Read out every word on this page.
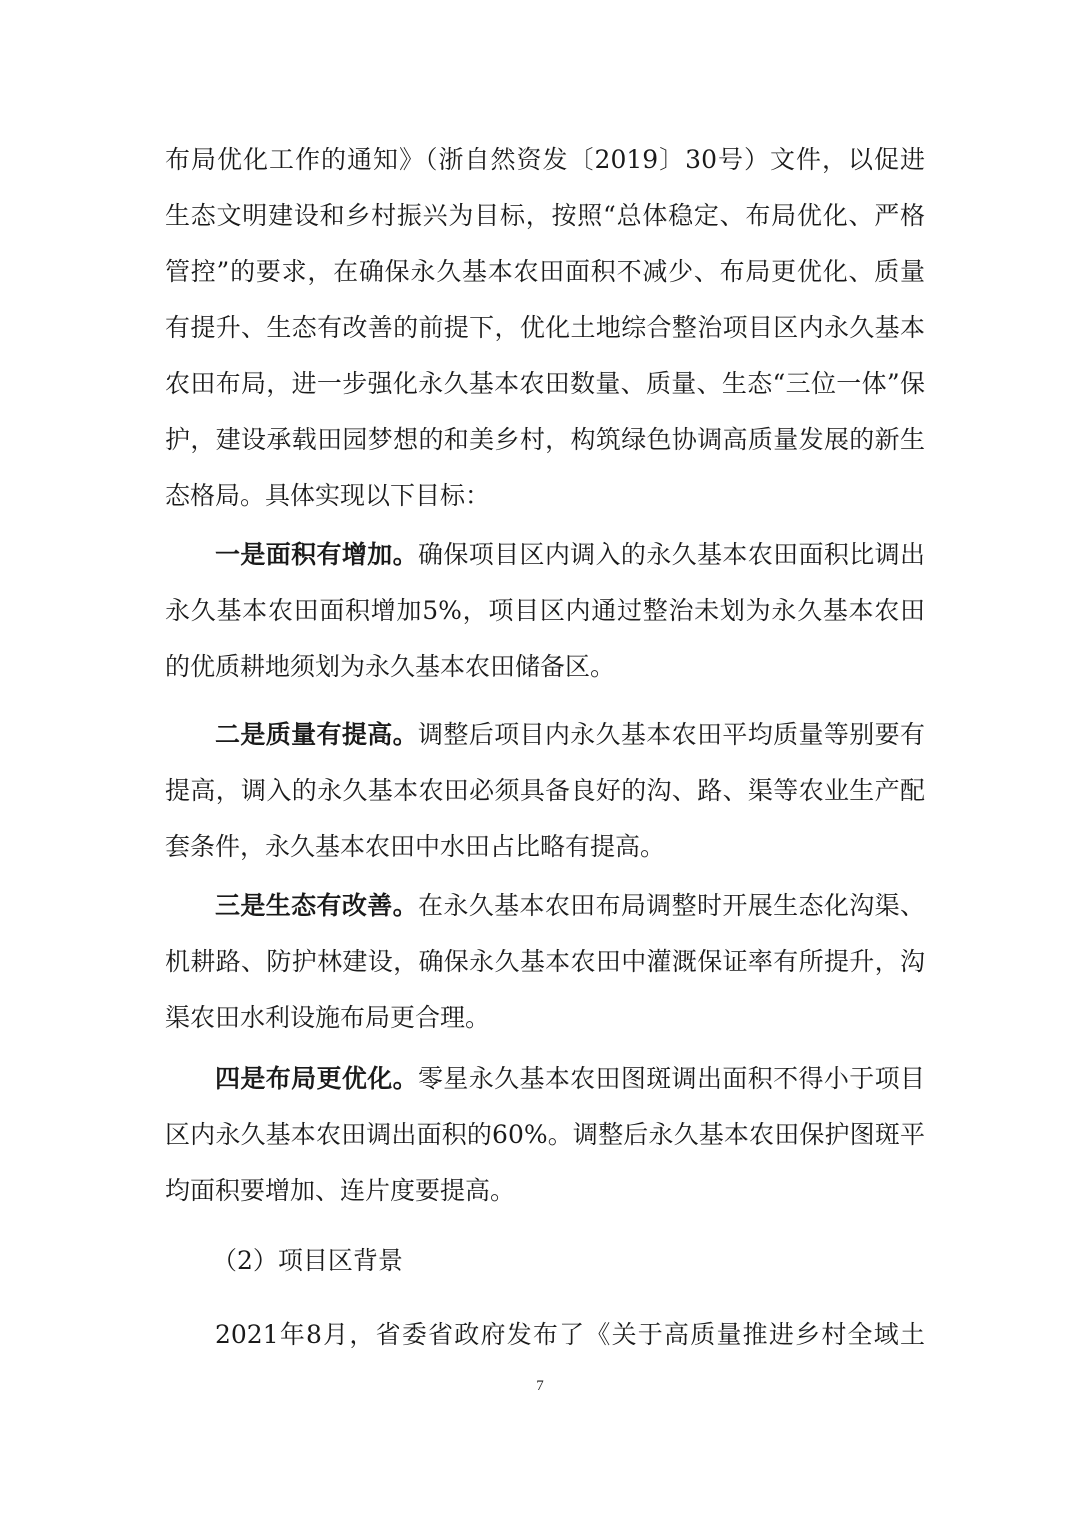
布局优化工作的通知》（浙自然资发〔2019〕30号）文件，以促进
生态文明建设和乡村振兴为目标，按照“总体稳定、布局优化、严格
管控”的要求，在确保永久基本农田面积不减少、布局更优化、质量
有提升、生态有改善的前提下，优化土地综合整治项目区内永久基本
农田布局，进一步强化永久基本农田数量、质量、生态“三位一体”保
护，建设承载田园梦想的和美乡村，构筑绿色协调高质量发展的新生
态格局。具体实现以下目标：
一是面积有增加。确保项目区内调入的永久基本农田面积比调出
永久基本农田面积增加5%，项目区内通过整治未划为永久基本农田
的优质耕地须划为永久基本农田储备区。
二是质量有提高。调整后项目内永久基本农田平均质量等别要有
提高，调入的永久基本农田必须具备良好的沟、路、渠等农业生产配
套条件，永久基本农田中水田占比略有提高。
三是生态有改善。在永久基本农田布局调整时开展生态化沟渠、
机耕路、防护林建设，确保永久基本农田中灌溉保证率有所提升，沟
渠农田水利设施布局更合理。
四是布局更优化。零星永久基本农田图斑调出面积不得小于项目
区内永久基本农田调出面积的60%。调整后永久基本农田保护图斑平
均面积要增加、连片度要提高。
（2）项目区背景
2021年8月，省委省政府发布了《关于高质量推进乡村全域土
7
